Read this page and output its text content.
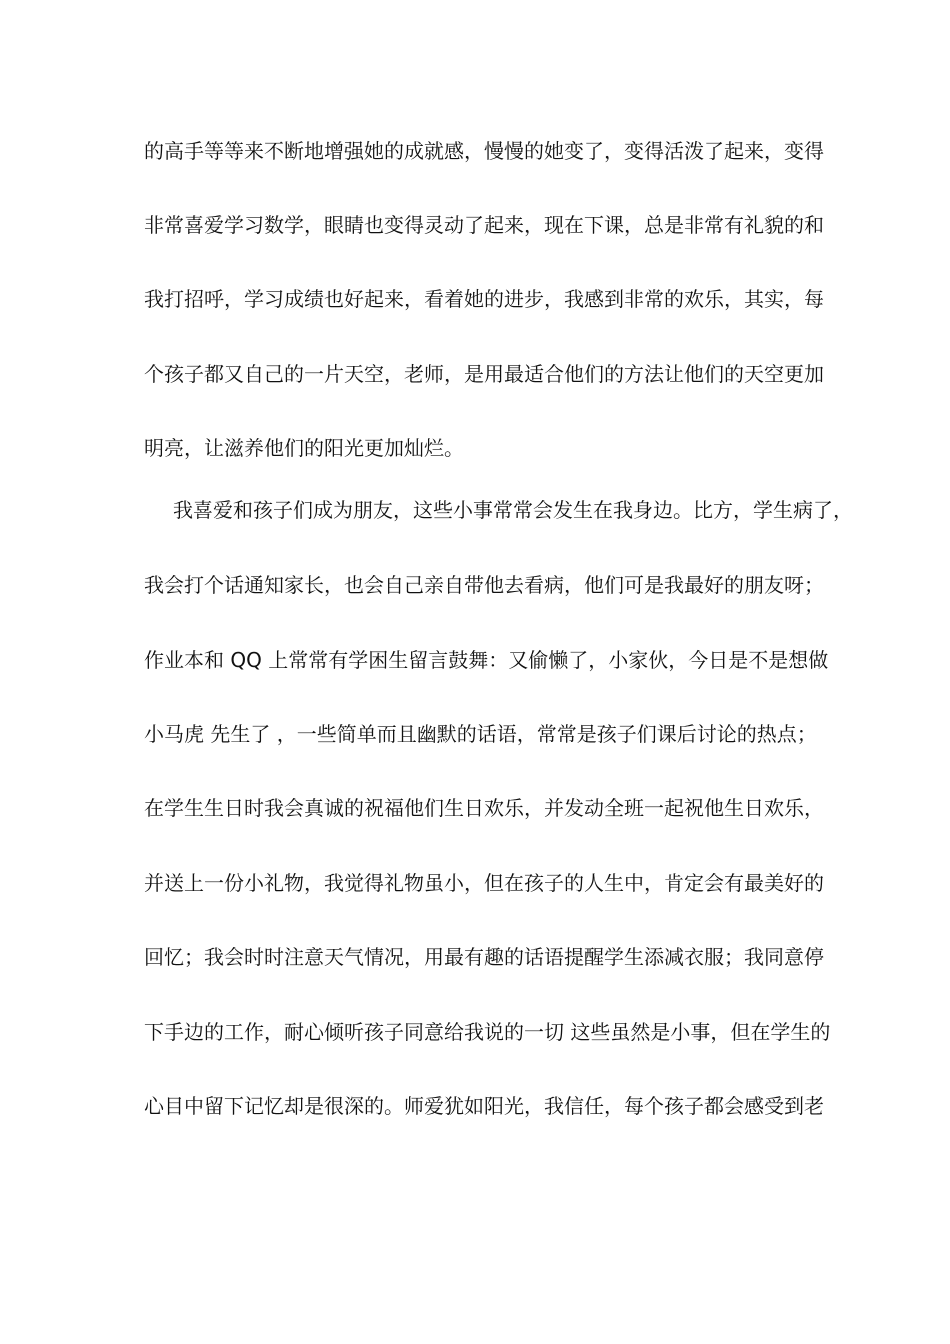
的高手等等来不断地增强她的成就感，慢慢的她变了，变得活泼了起来，变得
非常喜爱学习数学，眼睛也变得灵动了起来，现在下课，总是非常有礼貌的和
我打招呼，学习成绩也好起来，看着她的进步，我感到非常的欢乐，其实，每
个孩子都又自己的一片天空，老师，是用最适合他们的方法让他们的天空更加
明亮，让滋养他们的阳光更加灿烂。
我喜爱和孩子们成为朋友，这些小事常常会发生在我身边。比方，学生病了，
我会打个话通知家长，也会自己亲自带他去看病，他们可是我最好的朋友呀；
作业本和 QQ 上常常有学困生留言鼓舞：又偷懒了，小家伙，今日是不是想做
小马虎 先生了 ，一些简单而且幽默的话语，常常是孩子们课后讨论的热点；
在学生生日时我会真诚的祝福他们生日欢乐，并发动全班一起祝他生日欢乐，
并送上一份小礼物，我觉得礼物虽小，但在孩子的人生中，肯定会有最美好的
回忆；我会时时注意天气情况，用最有趣的话语提醒学生添减衣服；我同意停
下手边的工作，耐心倾听孩子同意给我说的一切 这些虽然是小事，但在学生的
心目中留下记忆却是很深的。师爱犹如阳光，我信任，每个孩子都会感受到老
